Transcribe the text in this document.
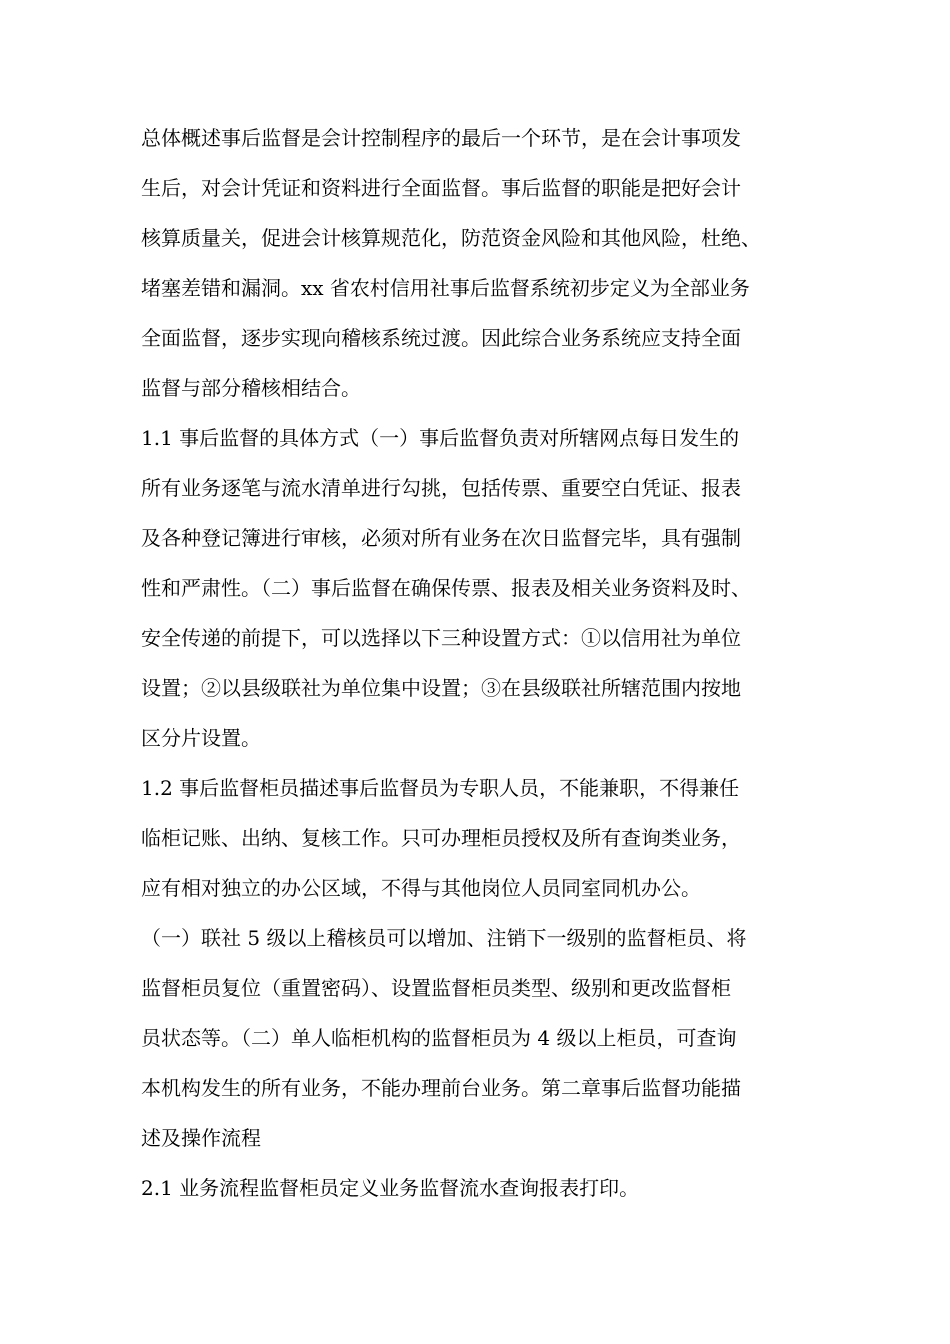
总体概述事后监督是会计控制程序的最后一个环节，是在会计事项发
生后，对会计凭证和资料进行全面监督。事后监督的职能是把好会计
核算质量关，促进会计核算规范化，防范资金风险和其他风险，杜绝、
堵塞差错和漏洞。xx 省农村信用社事后监督系统初步定义为全部业务
全面监督，逐步实现向稽核系统过渡。因此综合业务系统应支持全面
监督与部分稽核相结合。
1.1 事后监督的具体方式（一）事后监督负责对所辖网点每日发生的
所有业务逐笔与流水清单进行勾挑，包括传票、重要空白凭证、报表
及各种登记簿进行审核，必须对所有业务在次日监督完毕，具有强制
性和严肃性。（二）事后监督在确保传票、报表及相关业务资料及时、
安全传递的前提下，可以选择以下三种设置方式：①以信用社为单位
设置；②以县级联社为单位集中设置；③在县级联社所辖范围内按地
区分片设置。
1.2 事后监督柜员描述事后监督员为专职人员，不能兼职，不得兼任
临柜记账、出纳、复核工作。只可办理柜员授权及所有查询类业务，
应有相对独立的办公区域，不得与其他岗位人员同室同机办公。
（一）联社 5 级以上稽核员可以增加、注销下一级别的监督柜员、将
监督柜员复位（重置密码）、设置监督柜员类型、级别和更改监督柜
员状态等。（二）单人临柜机构的监督柜员为 4 级以上柜员，可查询
本机构发生的所有业务，不能办理前台业务。第二章事后监督功能描
述及操作流程
2.1 业务流程监督柜员定义业务监督流水查询报表打印。
